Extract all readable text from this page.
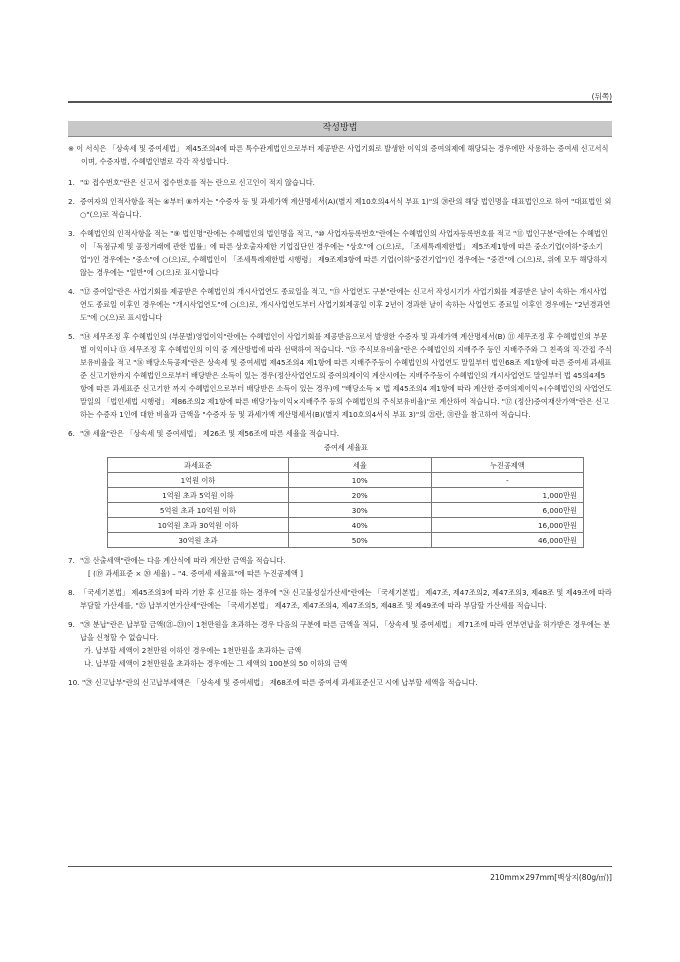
(뒤쪽)
작성방법
※ 이 서식은 「상속세 및 증여세법」 제45조의4에 따른 특수관계법인으로부터 제공받은 사업기회로 발생한 이익의 증여의제에 해당되는 경우에만 사용하는 증여세 신고서식이며, 수증자별, 수혜법인별로 각각 작성합니다.
1. "① 접수번호"란은 신고서 접수번호를 적는 란으로 신고인이 적지 않습니다.

2. 증여자의 인적사항을 적는 ④부터 ⑧까지는 "수증자 등 및 과세가액 계산명세서(A)(별지 제10호의4서식 부표 1)"의 ⑳란의 해당 법인명을 대표법인으로 하여 "대표법인 외 ○"(으)로 적습니다.

3. 수혜법인의 인적사항을 적는 "⑨ 법인명"란에는 수혜법인의 법인명을 적고, "⑩ 사업자등록번호"란에는 수혜법인의 사업자등록번호를 적고 "⑪ 법인구분"란에는 수혜법인이 「독점규제 및 공정거래에 관한 법률」에 따른 상호출자제한 기업집단인 경우에는 "상호"에 ○(으)로, 「조세특례제한법」 제5조제1항에 따른 중소기업(이하"중소기업")인 경우에는 "중소"에 ○(으)로, 수혜법인이 「조세특례제한법 시행령」 제9조제3항에 따른 기업(이하"중견기업")인 경우에는 "중견"에 ○(으)로, 위에 모두 해당하지 않는 경우에는 "일반"에 ○(으)로 표시합니다

4. "⑫ 증여일"란은 사업기회를 제공받은 수혜법인의 개시사업연도 종료일을 적고, "⑬ 사업연도 구분"란에는 신고서 작성시기가 사업기회를 제공받은 날이 속하는 개시사업연도 종료일 이후인 경우에는 "개시사업연도"에 ○(으)로, 개시사업연도부터 사업기회제공일 이후 2년이 경과한 날이 속하는 사업연도 종료일 이후인 경우에는 "2년경과연도"에 ○(으)로 표시합니다

5. "⑭ 세무조정 후 수혜법인의 (부문별)영업이익"란에는 수혜법인이 사업기회를 제공받음으로서 발생한 수증자 및 과세가액 계산명세서(B) ⑪ 세무조정 후 수혜법인의 부문별 이익이나 ⑮ 세무조정 후 수혜법인의 이익 중 계산방법에 따라 선택하여 적습니다. "⑮ 주식보유비율"란은 수혜법인의 지배주주 등인 지배주주와 그 친족의 직·간접 주식보유비율을 적고 "⑯ 배당소득공제"란은 상속세 및 증여세법 제45조의4 제1항에 따른 지배주주등이 수혜법인의 사업연도 말일부터 법인68조 제1항에 따른 증여세 과세표준 신고기한까지 수혜법인으로부터 배당받은 소득이 있는 경우(정산사업연도의 증여의제이익 계산시에는 지배주주등이 수혜법인의 개시사업연도 말일부터 법 45의4제5항에 따른 과세표준 신고기한 까지 수혜법인으로부터 배당받은 소득이 있는 경우)에 "배당소득 × 법 제45조의4 제1항에 따라 계산한 증여의제이익÷(수혜법인의 사업연도 말일의 「법인세법 시행령」 제86조의2 제1항에 따른 배당가능이익×지배주주 등의 수혜법인의 주식보유비율)"로 계산하여 적습니다. "⑰ (정산)증여재산가액"란은 신고하는 수증자 1인에 대한 비율과 금액을 "수증자 등 및 과세가액 계산명세서(B)(별지 제10호의4서식 부표 3)"의 ㉑란, ㉛란을 참고하여 적습니다.

6. "⑳ 세율"란은 「상속세 및 증여세법」 제26조 및 제56조에 따른 세율을 적습니다.

증여세 세율표
과세표준	세율	누진공제액
1억원 이하	10%	-
1억원 초과 5억원 이하	20%	1,000만원
5억원 초과 10억원 이하	30%	6,000만원
10억원 초과 30억원 이하	40%	16,000만원
30억원 초과	50%	46,000만원
7. "㉑ 산출세액"란에는 다음 계산식에 따라 계산한 금액을 적습니다.

[ (⑲ 과세표준 × ⑳ 세율) – "4. 증여세 세율표"에 따른 누진공제액 ]

8. 「국세기본법」 제45조의3에 따라 기한 후 신고를 하는 경우에 "㉔ 신고불성실가산세"란에는 「국세기본법」 제47조, 제47조의2, 제47조의3, 제48조 및 제49조에 따라 부담할 가산세를, "㉕ 납부지연가산세"란에는 「국세기본법」 제47조, 제47조의4, 제47조의5, 제48조 및 제49조에 따라 부담할 가산세를 적습니다.

9. "㉘ 분납"란은 납부할 금액(㉑–㉓)이 1천만원을 초과하는 경우 다음의 구분에 따른 금액을 적되, 「상속세 및 증여세법」 제71조에 따라 연부연납을 허가받은 경우에는 분납을 신청할 수 없습니다.

가. 납부할 세액이 2천만원 이하인 경우에는 1천만원을 초과하는 금액

나. 납부할 세액이 2천만원을 초과하는 경우에는 그 세액의 100분의 50 이하의 금액

10. "㉙ 신고납부"란의 신고납부세액은 「상속세 및 증여세법」 제68조에 따른 증여세 과세표준신고 시에 납부할 세액을 적습니다.

210mm×297mm[백상지(80g/㎡)]
